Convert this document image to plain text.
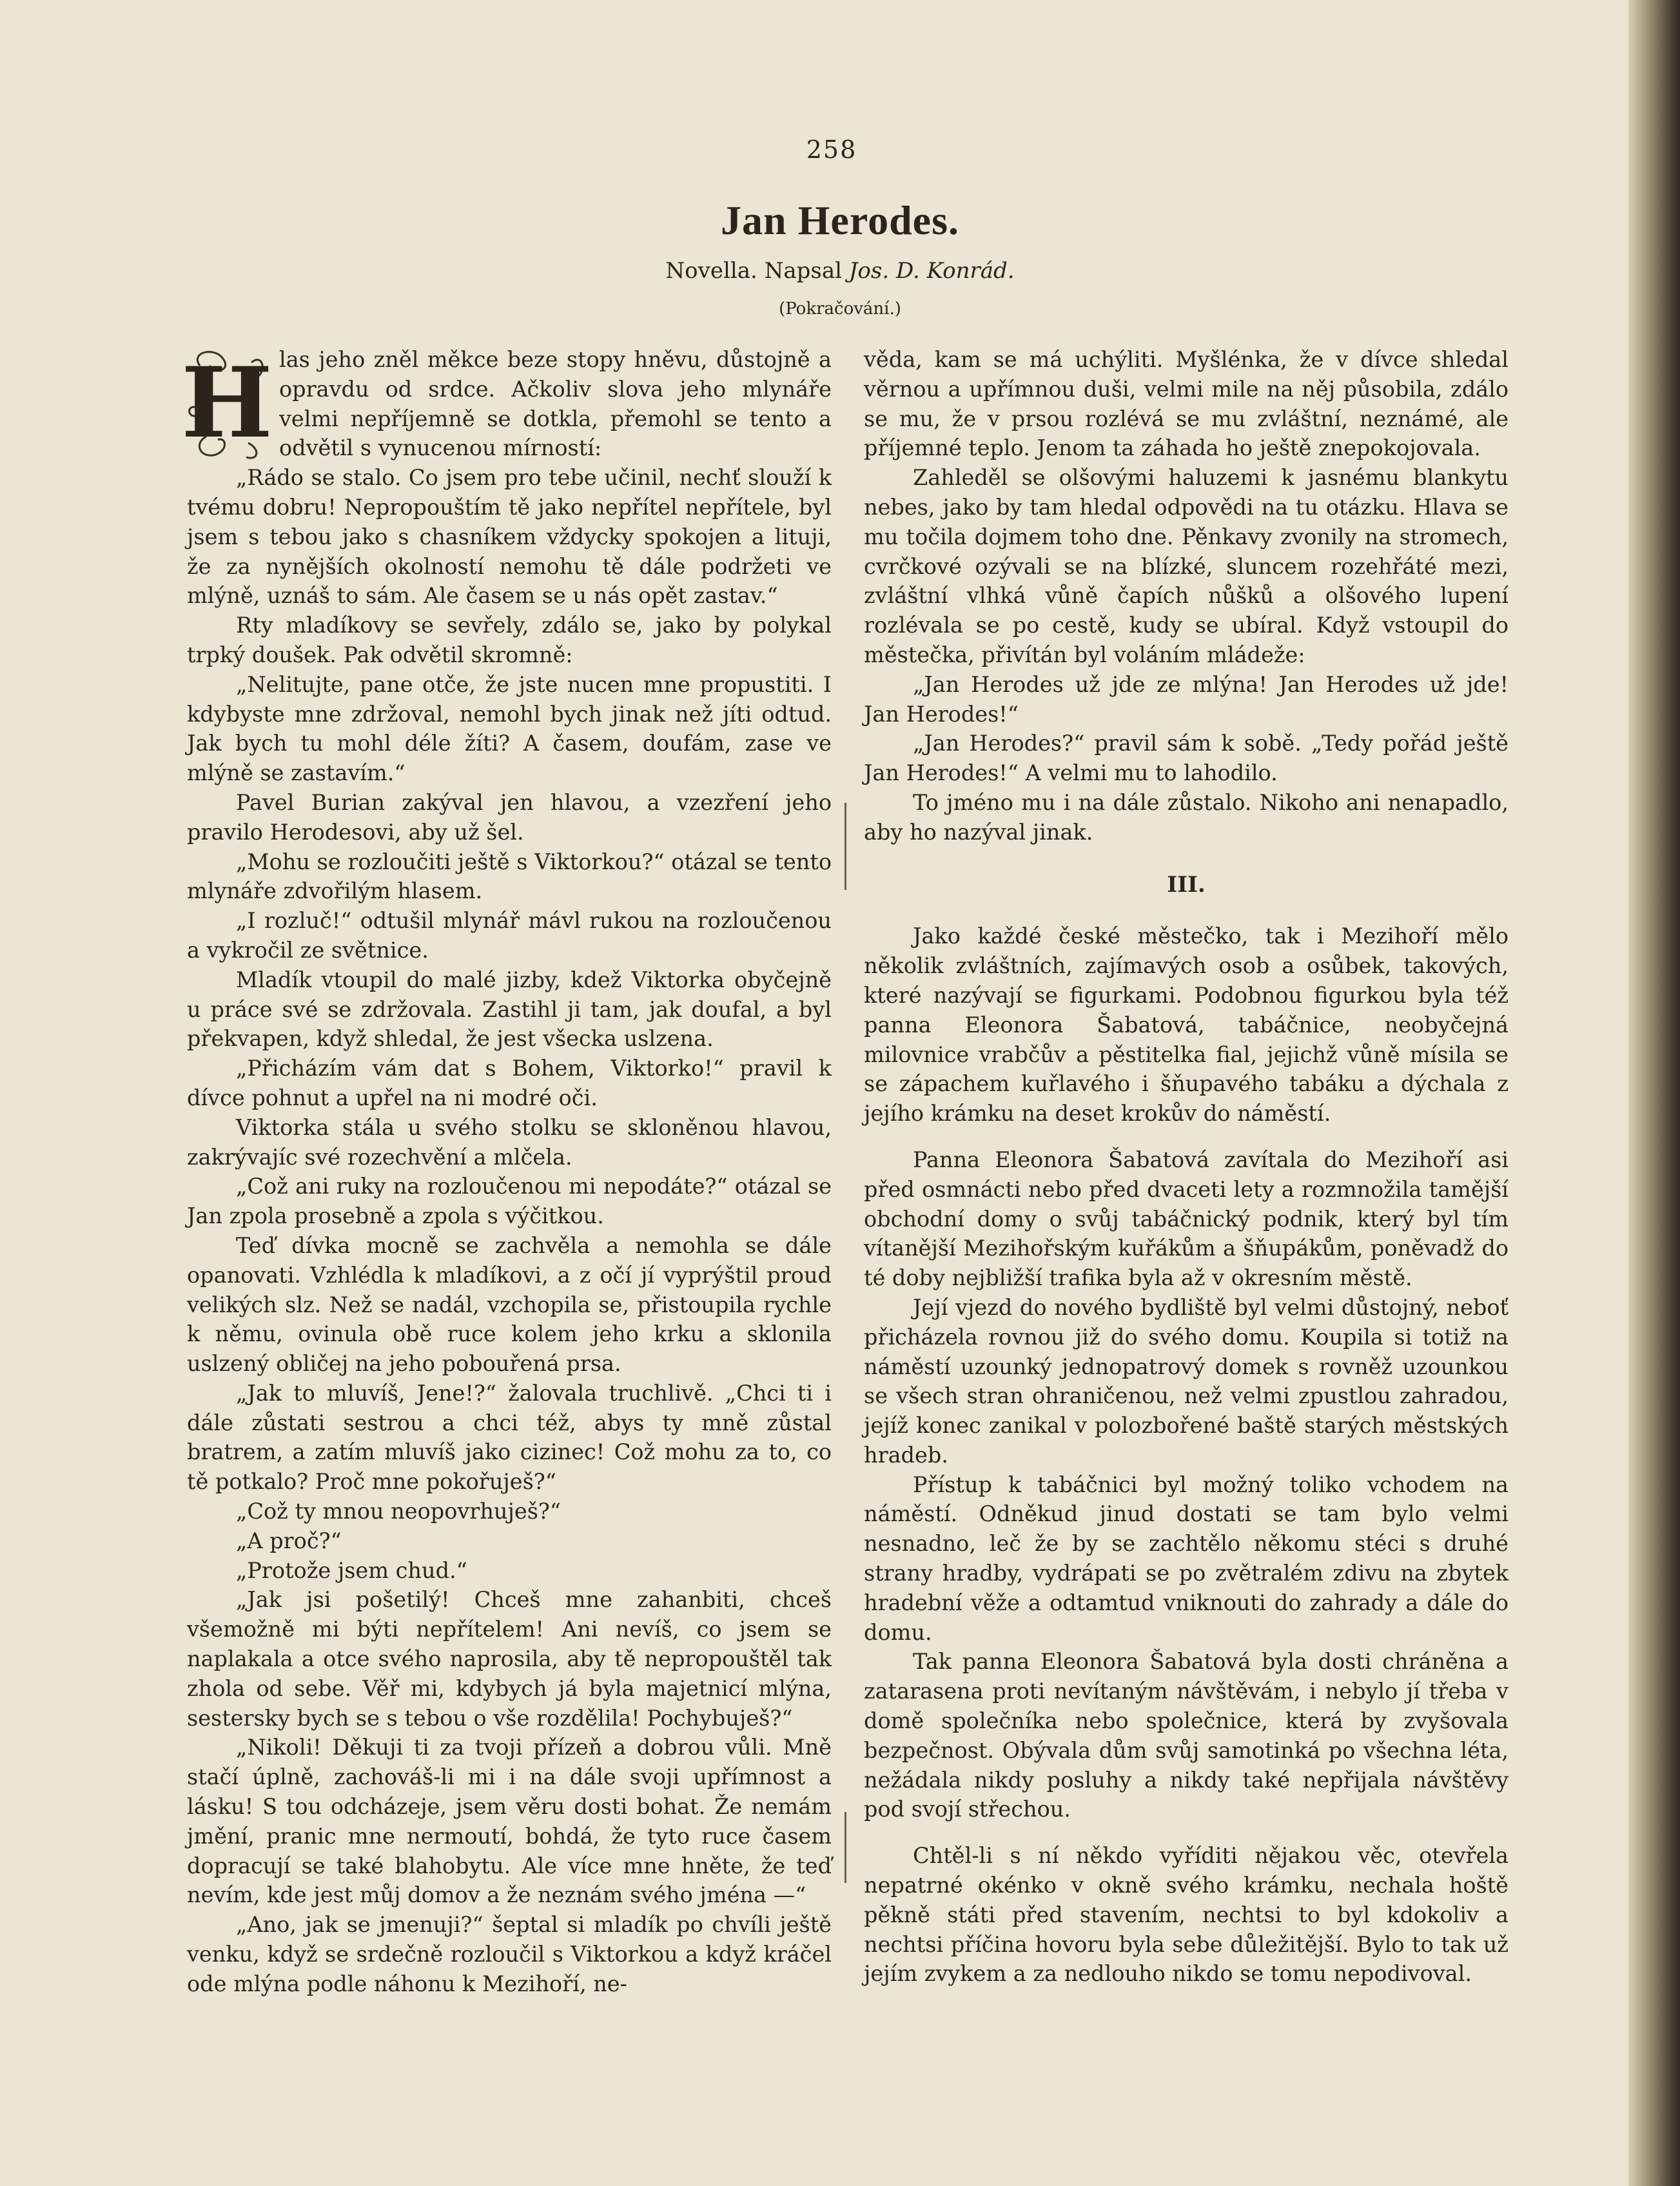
258
Jan Herodes.
Novella. Napsal Jos. D. Konrád.
(Pokračování.)
H las jeho zněl měkce beze stopy hněvu, důstojně a opravdu od srdce. Ačkoliv slova jeho mlynáře velmi nepříjemně se dotkla, přemohl se tento a odvětil s vynucenou mírností:

„Rádo se stalo. Co jsem pro tebe učinil, nechť slouží k tvému dobru! Nepropouštím tě jako nepřítel nepřítele, byl jsem s tebou jako s chasníkem vždycky spokojen a lituji, že za nynějších okolností nemohu tě dále podržeti ve mlýně, uznáš to sám. Ale časem se u nás opět zastav.“

Rty mladíkovy se sevřely, zdálo se, jako by polykal trpký doušek. Pak odvětil skromně:

„Nelitujte, pane otče, že jste nucen mne propustiti. I kdybyste mne zdržoval, nemohl bych jinak než jíti odtud. Jak bych tu mohl déle žíti? A časem, doufám, zase ve mlýně se zastavím.“

Pavel Burian zakýval jen hlavou, a vzezření jeho pravilo Herodesovi, aby už šel.

„Mohu se rozloučiti ještě s Viktorkou?“ otázal se tento mlynáře zdvořilým hlasem.

„I rozluč!“ odtušil mlynář mávl rukou na rozloučenou a vykročil ze světnice.

Mladík vtoupil do malé jizby, kdež Viktorka obyčejně u práce své se zdržovala. Zastihl ji tam, jak doufal, a byl překvapen, když shledal, že jest všecka uslzena.

„Přicházím vám dat s Bohem, Viktorko!“ pravil k dívce pohnut a upřel na ni modré oči.

Viktorka stála u svého stolku se skloněnou hlavou, zakrývajíc své rozechvění a mlčela.

„Což ani ruky na rozloučenou mi nepodáte?“ otázal se Jan zpola prosebně a zpola s výčitkou.

Teď dívka mocně se zachvěla a nemohla se dále opanovati. Vzhlédla k mladíkovi, a z očí jí vyprýštil proud velikých slz. Než se nadál, vzchopila se, přistoupila rychle k němu, ovinula obě ruce kolem jeho krku a sklonila uslzený obličej na jeho pobouřená prsa.

„Jak to mluvíš, Jene!?“ žalovala truchlivě. „Chci ti i dále zůstati sestrou a chci též, abys ty mně zůstal bratrem, a zatím mluvíš jako cizinec! Což mohu za to, co tě potkalo? Proč mne pokořuješ?“

„Což ty mnou neopovrhuješ?“

„A proč?“

„Protože jsem chud.“

„Jak jsi pošetilý! Chceš mne zahanbiti, chceš všemožně mi býti nepřítelem! Ani nevíš, co jsem se naplakala a otce svého naprosila, aby tě nepropouštěl tak zhola od sebe. Věř mi, kdybych já byla majetnicí mlýna, sestersky bych se s tebou o vše rozdělila! Pochybuješ?“

„Nikoli! Děkuji ti za tvoji přízeň a dobrou vůli. Mně stačí úplně, zachováš-li mi i na dále svoji upřímnost a lásku! S tou odcházeje, jsem věru dosti bohat. Že nemám jmění, pranic mne nermoutí, bohdá, že tyto ruce časem dopracují se také blahobytu. Ale více mne hněte, že teď nevím, kde jest můj domov a že neznám svého jména —“

„Ano, jak se jmenuji?“ šeptal si mladík po chvíli ještě venku, když se srdečně rozloučil s Viktorkou a když kráčel ode mlýna podle náhonu k Mezihoří, ne-

věda, kam se má uchýliti. Myšlénka, že v dívce shledal věrnou a upřímnou duši, velmi mile na něj působila, zdálo se mu, že v prsou rozlévá se mu zvláštní, neznámé, ale příjemné teplo. Jenom ta záhada ho ještě znepokojovala.

Zahleděl se olšovými haluzemi k jasnému blankytu nebes, jako by tam hledal odpovědi na tu otázku. Hlava se mu točila dojmem toho dne. Pěnkavy zvonily na stromech, cvrčkové ozývali se na blízké, sluncem rozehřáté mezi, zvláštní vlhká vůně čapích nůšků a olšového lupení rozlévala se po cestě, kudy se ubíral. Když vstoupil do městečka, přivítán byl voláním mládeže:

„Jan Herodes už jde ze mlýna! Jan Herodes už jde! Jan Herodes!“

„Jan Herodes?“ pravil sám k sobě. „Tedy pořád ještě Jan Herodes!“ A velmi mu to lahodilo.

To jméno mu i na dále zůstalo. Nikoho ani nenapadlo, aby ho nazýval jinak.

III.

Jako každé české městečko, tak i Mezihoří mělo několik zvláštních, zajímavých osob a osůbek, takových, které nazývají se figurkami. Podobnou figurkou byla též panna Eleonora Šabatová, tabáčnice, neobyčejná milovnice vrabčův a pěstitelka fial, jejichž vůně mísila se se zápachem kuřlavého i šňupavého tabáku a dýchala z jejího krámku na deset krokův do náměstí.

Panna Eleonora Šabatová zavítala do Mezihoří asi před osmnácti nebo před dvaceti lety a rozmnožila tamější obchodní domy o svůj tabáčnický podnik, který byl tím vítanější Mezihořským kuřákům a šňupákům, poněvadž do té doby nejbližší trafika byla až v okresním městě.

Její vjezd do nového bydliště byl velmi důstojný, neboť přicházela rovnou již do svého domu. Koupila si totiž na náměstí uzounký jednopatrový domek s rovněž uzounkou se všech stran ohraničenou, než velmi zpustlou zahradou, jejíž konec zanikal v polozbořené baště starých městských hradeb.

Přístup k tabáčnici byl možný toliko vchodem na náměstí. Odněkud jinud dostati se tam bylo velmi nesnadno, leč že by se zachtělo někomu stéci s druhé strany hradby, vydrápati se po zvětralém zdivu na zbytek hradební věže a odtamtud vniknouti do zahrady a dále do domu.

Tak panna Eleonora Šabatová byla dosti chráněna a zatarasena proti nevítaným návštěvám, i nebylo jí třeba v domě společníka nebo společnice, která by zvyšovala bezpečnost. Obývala dům svůj samotinká po všechna léta, nežádala nikdy posluhy a nikdy také nepřijala návštěvy pod svojí střechou.

Chtěl-li s ní někdo vyříditi nějakou věc, otevřela nepatrné okénko v okně svého krámku, nechala hoště pěkně státi před stavením, nechtsi to byl kdokoliv a nechtsi příčina hovoru byla sebe důležitější. Bylo to tak už jejím zvykem a za nedlouho nikdo se tomu nepodivoval.
